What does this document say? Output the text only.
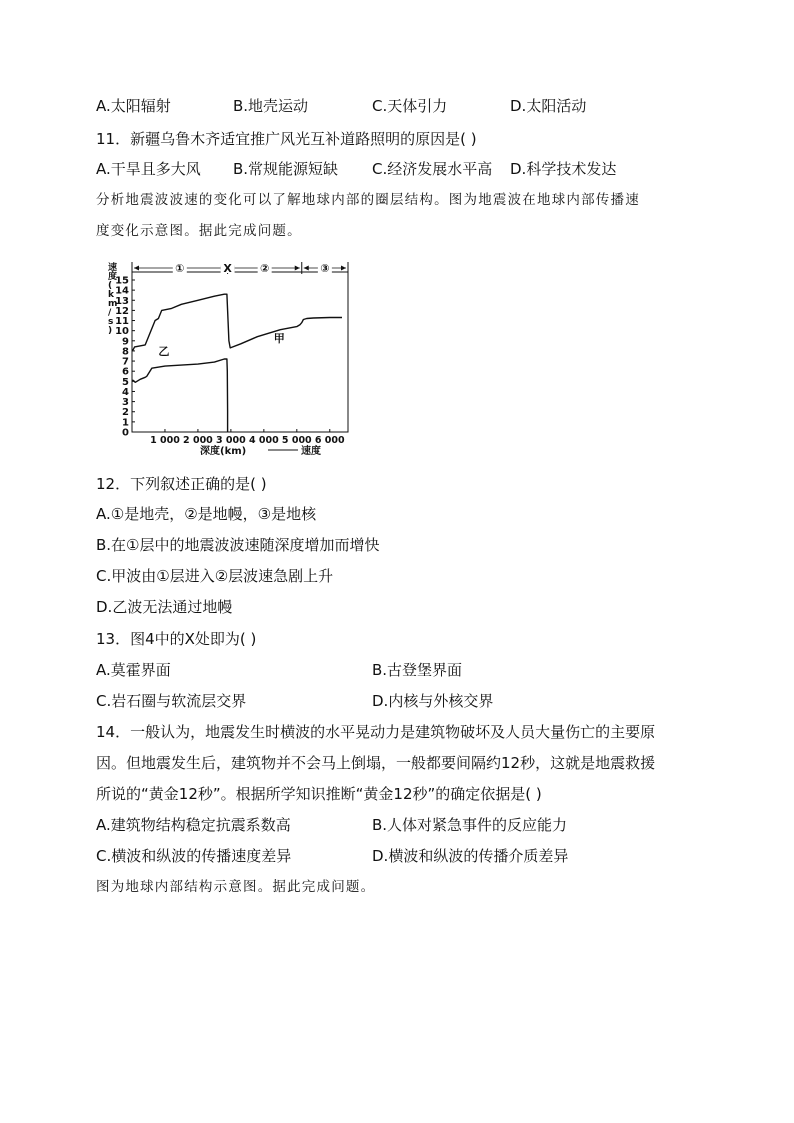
A.太阳辐射	B.地壳运动	C.天体引力	D.太阳活动
11．新疆乌鲁木齐适宜推广风光互补道路照明的原因是( )
A.干旱且多大风 B.常规能源短缺 C.经济发展水平高 D.科学技术发达
分析地震波波速的变化可以了解地球内部的圈层结构。图为地震波在地球内部传播速
度变化示意图。据此完成问题。
0
1
2
3
4
5
6
7
8
9
10
11
12
13
14
15
1 000 2 000 3 000 4 000 5 000 6 000
①	X	②	③
甲
乙
速度( k m / s )
深度(km)	速度
12．下列叙述正确的是( )
A.①是地壳，②是地幔，③是地核
B.在①层中的地震波波速随深度增加而增快
C.甲波由①层进入②层波速急剧上升
D.乙波无法通过地幔
13．图4中的X处即为( )
A.莫霍界面	B.古登堡界面
C.岩石圈与软流层交界	D.内核与外核交界
14．一般认为，地震发生时横波的水平晃动力是建筑物破坏及人员大量伤亡的主要原
因。但地震发生后，建筑物并不会马上倒塌，一般都要间隔约12秒，这就是地震救援
所说的“黄金12秒”。根据所学知识推断“黄金12秒”的确定依据是( )
A.建筑物结构稳定抗震系数高	B.人体对紧急事件的反应能力
C.横波和纵波的传播速度差异	D.横波和纵波的传播介质差异
图为地球内部结构示意图。据此完成问题。
